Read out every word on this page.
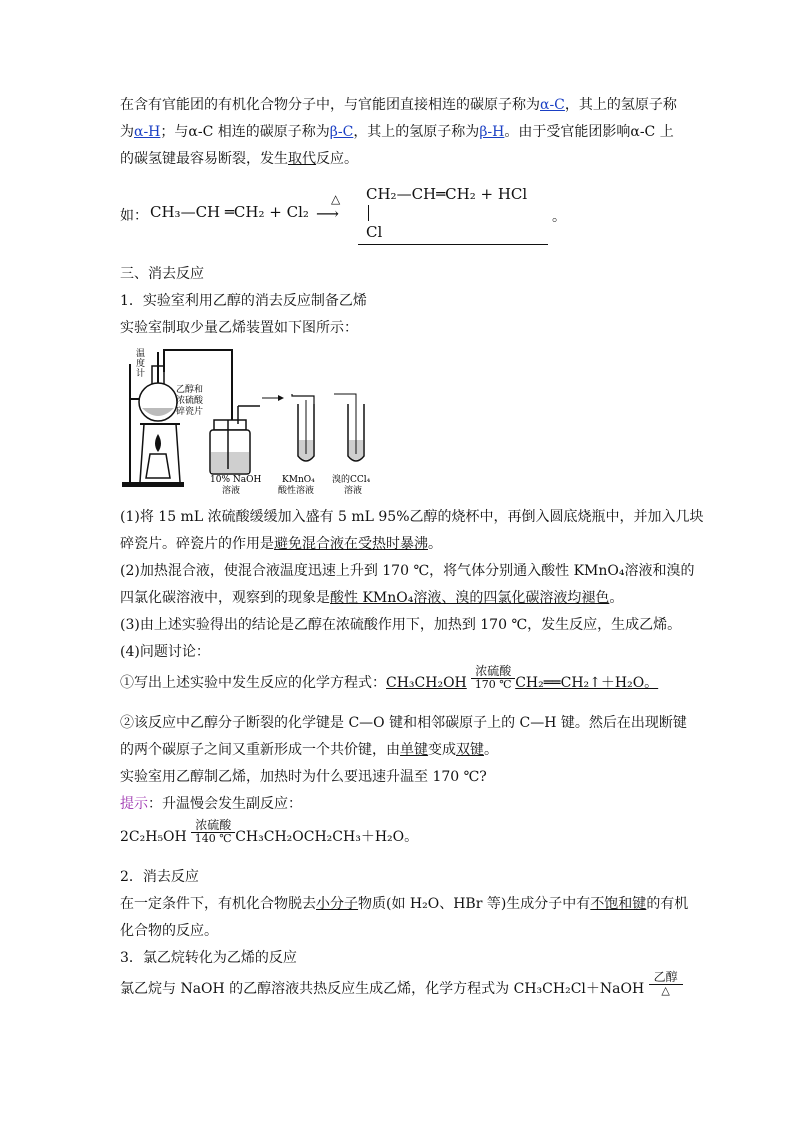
在含有官能团的有机化合物分子中，与官能团直接相连的碳原子称为α-C，其上的氢原子称
为α-H；与α-C 相连的碳原子称为β-C，其上的氢原子称为β-H。由于受官能团影响α-C 上
的碳氢键最容易断裂，发生取代反应。
如： CH₃—CH ═CH₂ + Cl₂
△
⟶
CH₂—CH═CH₂ + HCl
Cl
。
三、消去反应
1．实验室利用乙醇的消去反应制备乙烯
实验室制取少量乙烯装置如下图所示：
温
度
计
乙醇和
浓硫酸
碎瓷片
10% NaOH
溶液
KMnO₄
酸性溶液
溴的CCl₄
溶液
(1)将 15 mL 浓硫酸缓缓加入盛有 5 mL 95%乙醇的烧杯中，再倒入圆底烧瓶中，并加入几块
碎瓷片。碎瓷片的作用是避免混合液在受热时暴沸。
(2)加热混合液，使混合液温度迅速上升到 170 ℃，将气体分别通入酸性 KMnO₄溶液和溴的
四氯化碳溶液中，观察到的现象是酸性 KMnO₄溶液、溴的四氯化碳溶液均褪色。
(3)由上述实验得出的结论是乙醇在浓硫酸作用下，加热到 170 ℃，发生反应，生成乙烯。
(4)问题讨论：
①写出上述实验中发生反应的化学方程式：$CH_3CH_2OH \frac{\text{浓硫酸}}{170 ℃}$ CH₂══CH₂↑＋H₂O。
②该反应中乙醇分子断裂的化学键是 C—O 键和相邻碳原子上的 C—H 键。然后在出现断键
的两个碳原子之间又重新形成一个共价键，由单键变成双键。
实验室用乙醇制乙烯，加热时为什么要迅速升温至 170 ℃?
提示：升温慢会发生副反应：
$2C_2H_5OH \frac{\text{浓硫酸}}{140 ℃} CH_3CH_2OCH_2CH_3+H_2O$。
2．消去反应
在一定条件下，有机化合物脱去小分子物质(如 H₂O、HBr 等)生成分子中有不饱和键的有机
化合物的反应。
3．氯乙烷转化为乙烯的反应
氯乙烷与 NaOH 的乙醇溶液共热反应生成乙烯，化学方程式为 CH₃CH₂Cl＋NaOH $\frac{\text{乙醇}}{\triangle}$
